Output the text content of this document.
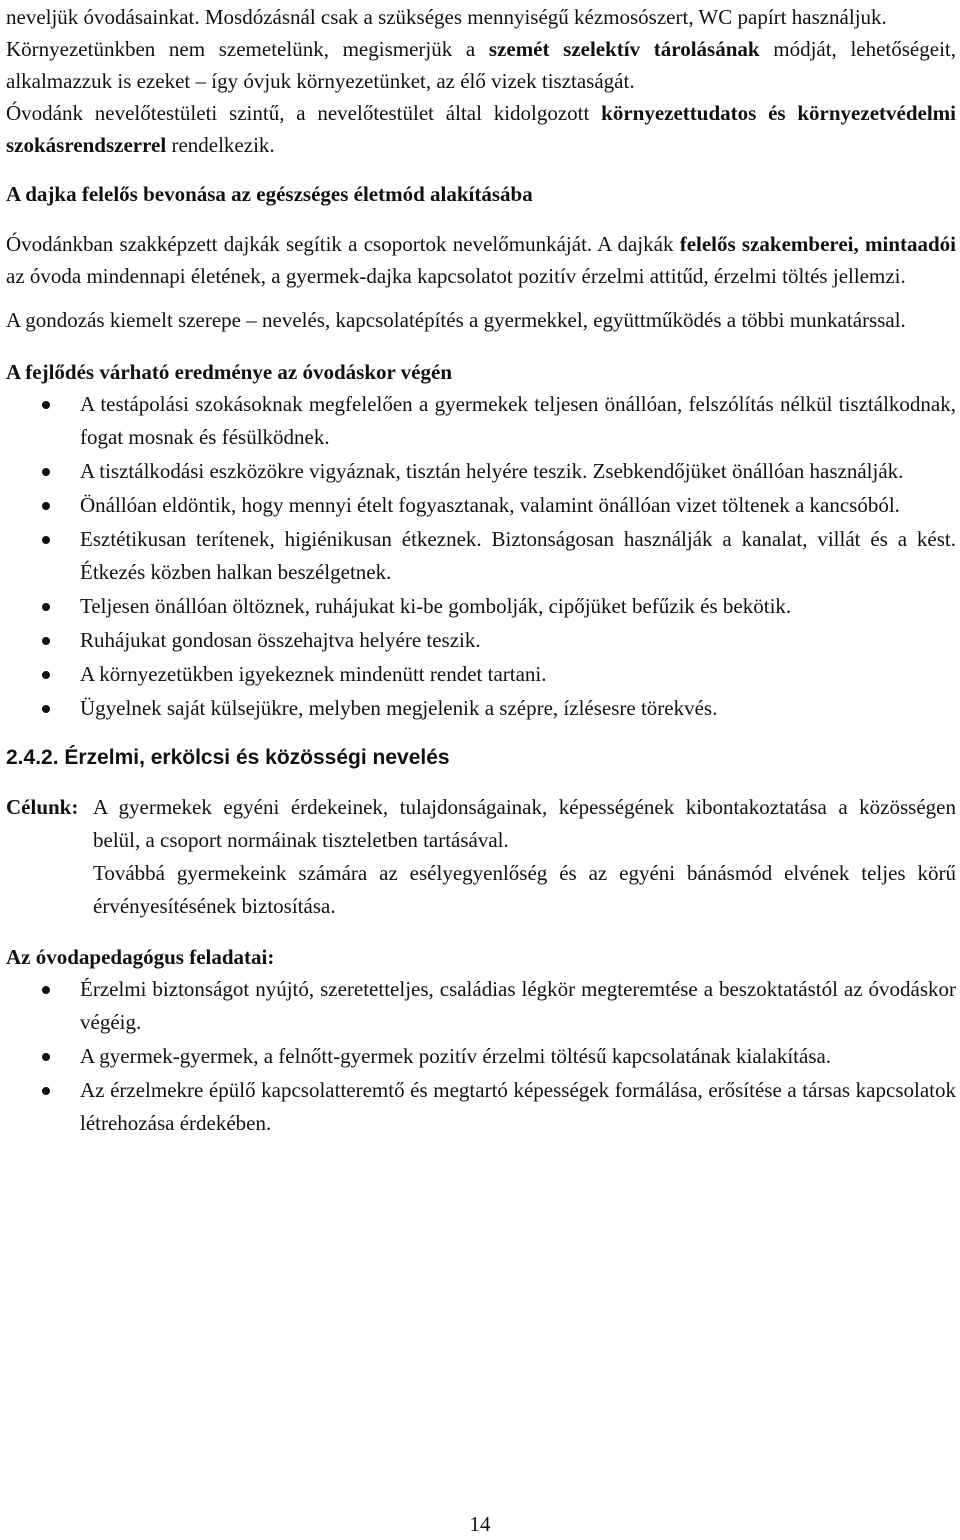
neveljük óvodásainkat. Mosdózásnál csak a szükséges mennyiségű kézmosószert, WC papírt használjuk.

Környezetünkben nem szemetelünk, megismerjük a szemét szelektív tárolásának módját, lehetőségeit, alkalmazzuk is ezeket – így óvjuk környezetünket, az élő vizek tisztaságát.

Óvodánk nevelőtestületi szintű, a nevelőtestület által kidolgozott környezettudatos és környezetvédelmi szokásrendszerrel rendelkezik.

A dajka felelős bevonása az egészséges életmód alakításába

Óvodánkban szakképzett dajkák segítik a csoportok nevelőmunkáját. A dajkák felelős szakemberei, mintaadói az óvoda mindennapi életének, a gyermek-dajka kapcsolatot pozitív érzelmi attitűd, érzelmi töltés jellemzi.

A gondozás kiemelt szerepe – nevelés, kapcsolatépítés a gyermekkel, együttműködés a többi munkatárssal.

A fejlődés várható eredménye az óvodáskor végén

A testápolási szokásoknak megfelelően a gyermekek teljesen önállóan, felszólítás nélkül tisztálkodnak, fogat mosnak és fésülködnek.
A tisztálkodási eszközökre vigyáznak, tisztán helyére teszik. Zsebkendőjüket önállóan használják.
Önállóan eldöntik, hogy mennyi ételt fogyasztanak, valamint önállóan vizet töltenek a kancsóból.
Esztétikusan terítenek, higiénikusan étkeznek. Biztonságosan használják a kanalat, villát és a kést. Étkezés közben halkan beszélgetnek.
Teljesen önállóan öltöznek, ruhájukat ki-be gombolják, cipőjüket befűzik és bekötik.
Ruhájukat gondosan összehajtva helyére teszik.
A környezetükben igyekeznek mindenütt rendet tartani.
Ügyelnek saját külsejükre, melyben megjelenik a szépre, ízlésesre törekvés.

2.4.2. Érzelmi, erkölcsi és közösségi nevelés

Célunk: A gyermekek egyéni érdekeinek, tulajdonságainak, képességének kibontakoztatása a közösségen belül, a csoport normáinak tiszteletben tartásával.

Továbbá gyermekeink számára az esélyegyenlőség és az egyéni bánásmód elvének teljes körű érvényesítésének biztosítása.

Az óvodapedagógus feladatai:

Érzelmi biztonságot nyújtó, szeretetteljes, családias légkör megteremtése a beszoktatástól az óvodáskor végéig.
A gyermek-gyermek, a felnőtt-gyermek pozitív érzelmi töltésű kapcsolatának kialakítása.
Az érzelmekre épülő kapcsolatteremtő és megtartó képességek formálása, erősítése a társas kapcsolatok létrehozása érdekében.
14
